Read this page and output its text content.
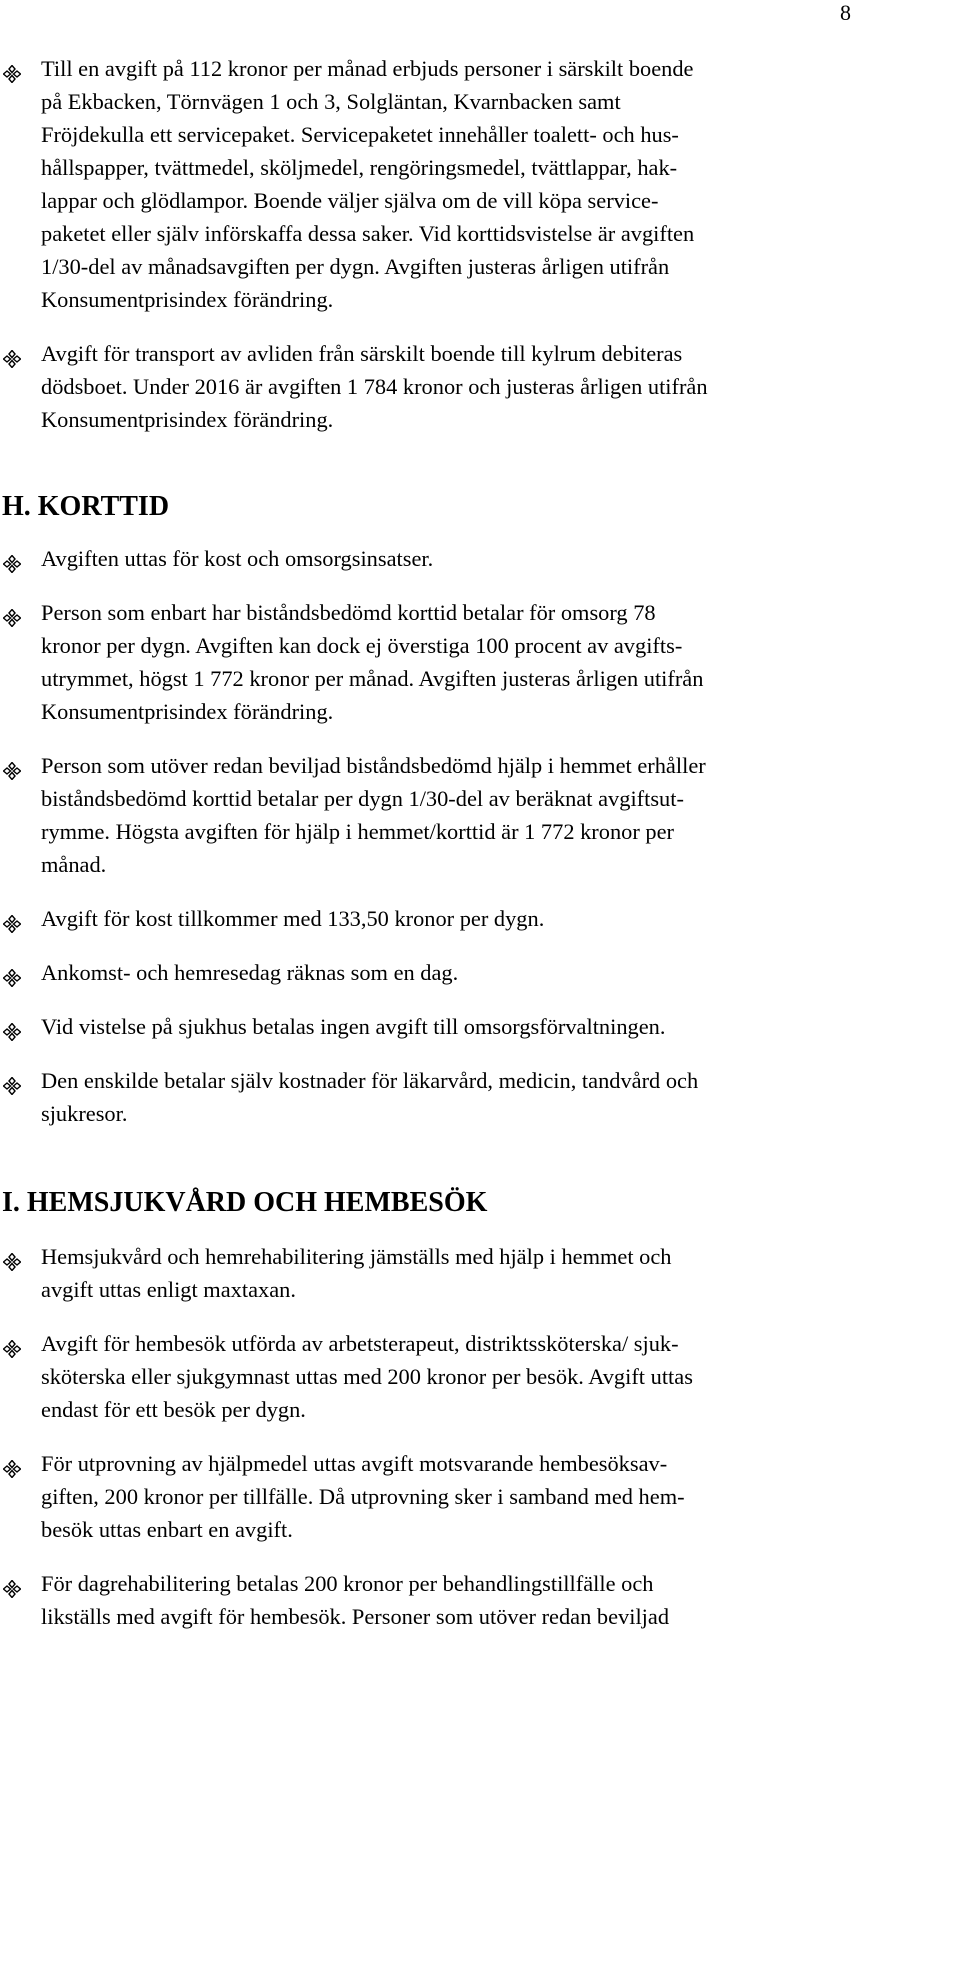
8

Till en avgift på 112 kronor per månad erbjuds personer i särskilt boende
på Ekbacken, Törnvägen 1 och 3, Solgläntan, Kvarnbacken samt
Fröjdekulla ett servicepaket. Servicepaketet innehåller toalett- och hus-
hållspapper, tvättmedel, sköljmedel, rengöringsmedel, tvättlappar, hak-
lappar och glödlampor. Boende väljer själva om de vill köpa service-
paketet eller själv införskaffa dessa saker. Vid korttidsvistelse är avgiften
1/30-del av månadsavgiften per dygn. Avgiften justeras årligen utifrån
Konsumentprisindex förändring.

Avgift för transport av avliden från särskilt boende till kylrum debiteras
dödsboet. Under 2016 är avgiften 1 784 kronor och justeras årligen utifrån
Konsumentprisindex förändring.

H. KORTTID

Avgiften uttas för kost och omsorgsinsatser.

Person som enbart har biståndsbedömd korttid betalar för omsorg 78
kronor per dygn. Avgiften kan dock ej överstiga 100 procent av avgifts-
utrymmet, högst 1 772 kronor per månad. Avgiften justeras årligen utifrån
Konsumentprisindex förändring.

Person som utöver redan beviljad biståndsbedömd hjälp i hemmet erhåller
biståndsbedömd korttid betalar per dygn 1/30-del av beräknat avgiftsut-
rymme. Högsta avgiften för hjälp i hemmet/korttid är 1 772 kronor per
månad.

Avgift för kost tillkommer med 133,50 kronor per dygn.

Ankomst- och hemresedag räknas som en dag.

Vid vistelse på sjukhus betalas ingen avgift till omsorgsförvaltningen.

Den enskilde betalar själv kostnader för läkarvård, medicin, tandvård och
sjukresor.

I. HEMSJUKVÅRD OCH HEMBESÖK

Hemsjukvård och hemrehabilitering jämställs med hjälp i hemmet och
avgift uttas enligt maxtaxan.

Avgift för hembesök utförda av arbetsterapeut, distriktssköterska/ sjuk-
sköterska eller sjukgymnast uttas med 200 kronor per besök. Avgift uttas
endast för ett besök per dygn.

För utprovning av hjälpmedel uttas avgift motsvarande hembesöksav-
giften, 200 kronor per tillfälle. Då utprovning sker i samband med hem-
besök uttas enbart en avgift.

För dagrehabilitering betalas 200 kronor per behandlingstillfälle och
likställs med avgift för hembesök. Personer som utöver redan beviljad
